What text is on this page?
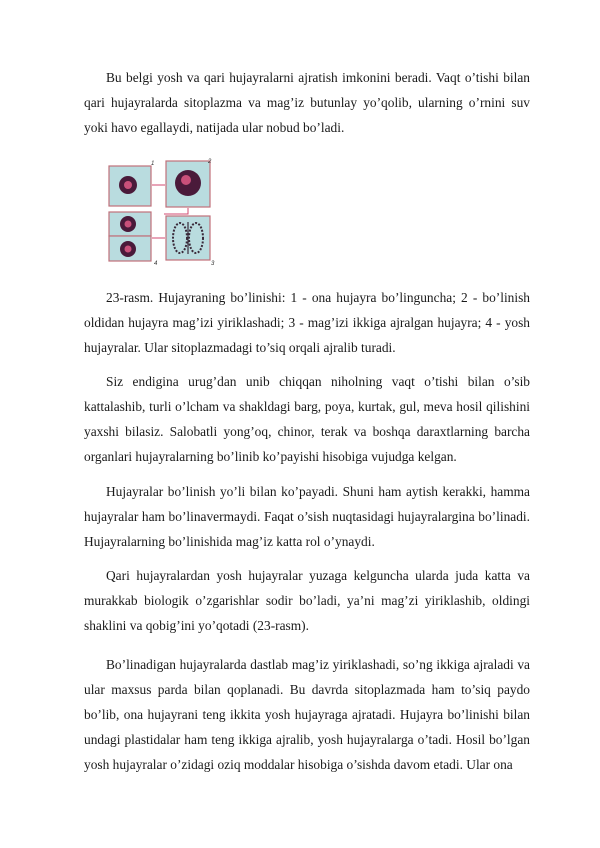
Bu belgi yosh va qari hujayralarni ajratish imkonini beradi. Vaqt o’tishi bilan qari hujayralarda sitoplazma va mag’iz butunlay yo’qolib, ularning o’rnini suv yoki havo egallaydi, natijada ular nobud bo’ladi.

1	2
3
4

23-rasm. Hujayraning bo’linishi: 1 - ona hujayra bo’lingunchа; 2 - bo’linish oldidan hujayra mag’izi yiriklashadi; 3 - mag’izi ikkiga ajralgan hujayra; 4 - yosh hujayralar. Ular sitoplazmadagi to’siq orqali ajralib turadi.

Siz endigina urug’dan unib chiqqan niholning vaqt o’tishi bilan o’sib kattalashib, turli o’lcham va shakldagi barg, poya, kurtak, gul, meva hosil qilishini yaxshi bilasiz. Salobatli yong’oq, chinor, terak va boshqa daraxtlarning barcha organlari hujayralarning bo’linib ko’payishi hisobiga vujudga kelgan.

Hujayralar bo’linish yo’li bilan ko’payadi. Shuni ham aytish kerakki, hamma hujayralar ham bo’linavermaydi. Faqat o’sish nuqtasidagi hujayralargina bo’linadi. Hujayralarning bo’linishida mag’iz katta rol o’ynaydi.

Qari hujayralardan yosh hujayralar yuzaga kelguncha ularda juda katta va murakkab biologik o’zgarishlar sodir bo’ladi, ya’ni mag’zi yiriklashib, oldingi shaklini va qobig’ini yo’qotadi (23-rasm).

Bo’linadigan hujayralarda dastlab mag’iz yiriklashadi, so’ng ikkiga ajraladi va ular maxsus parda bilan qoplanadi. Bu davrda sitoplazmada ham to’siq paydo bo’lib, ona hujayrani teng ikkita yosh hujayraga ajratadi. Hujayra bo’linishi bilan undagi plastidalar ham teng ikkiga ajralib, yosh hujayralarga o’tadi. Hosil bo’lgan yosh hujayralar o’zidagi oziq moddalar hisobiga o’sishda davom etadi. Ular ona
